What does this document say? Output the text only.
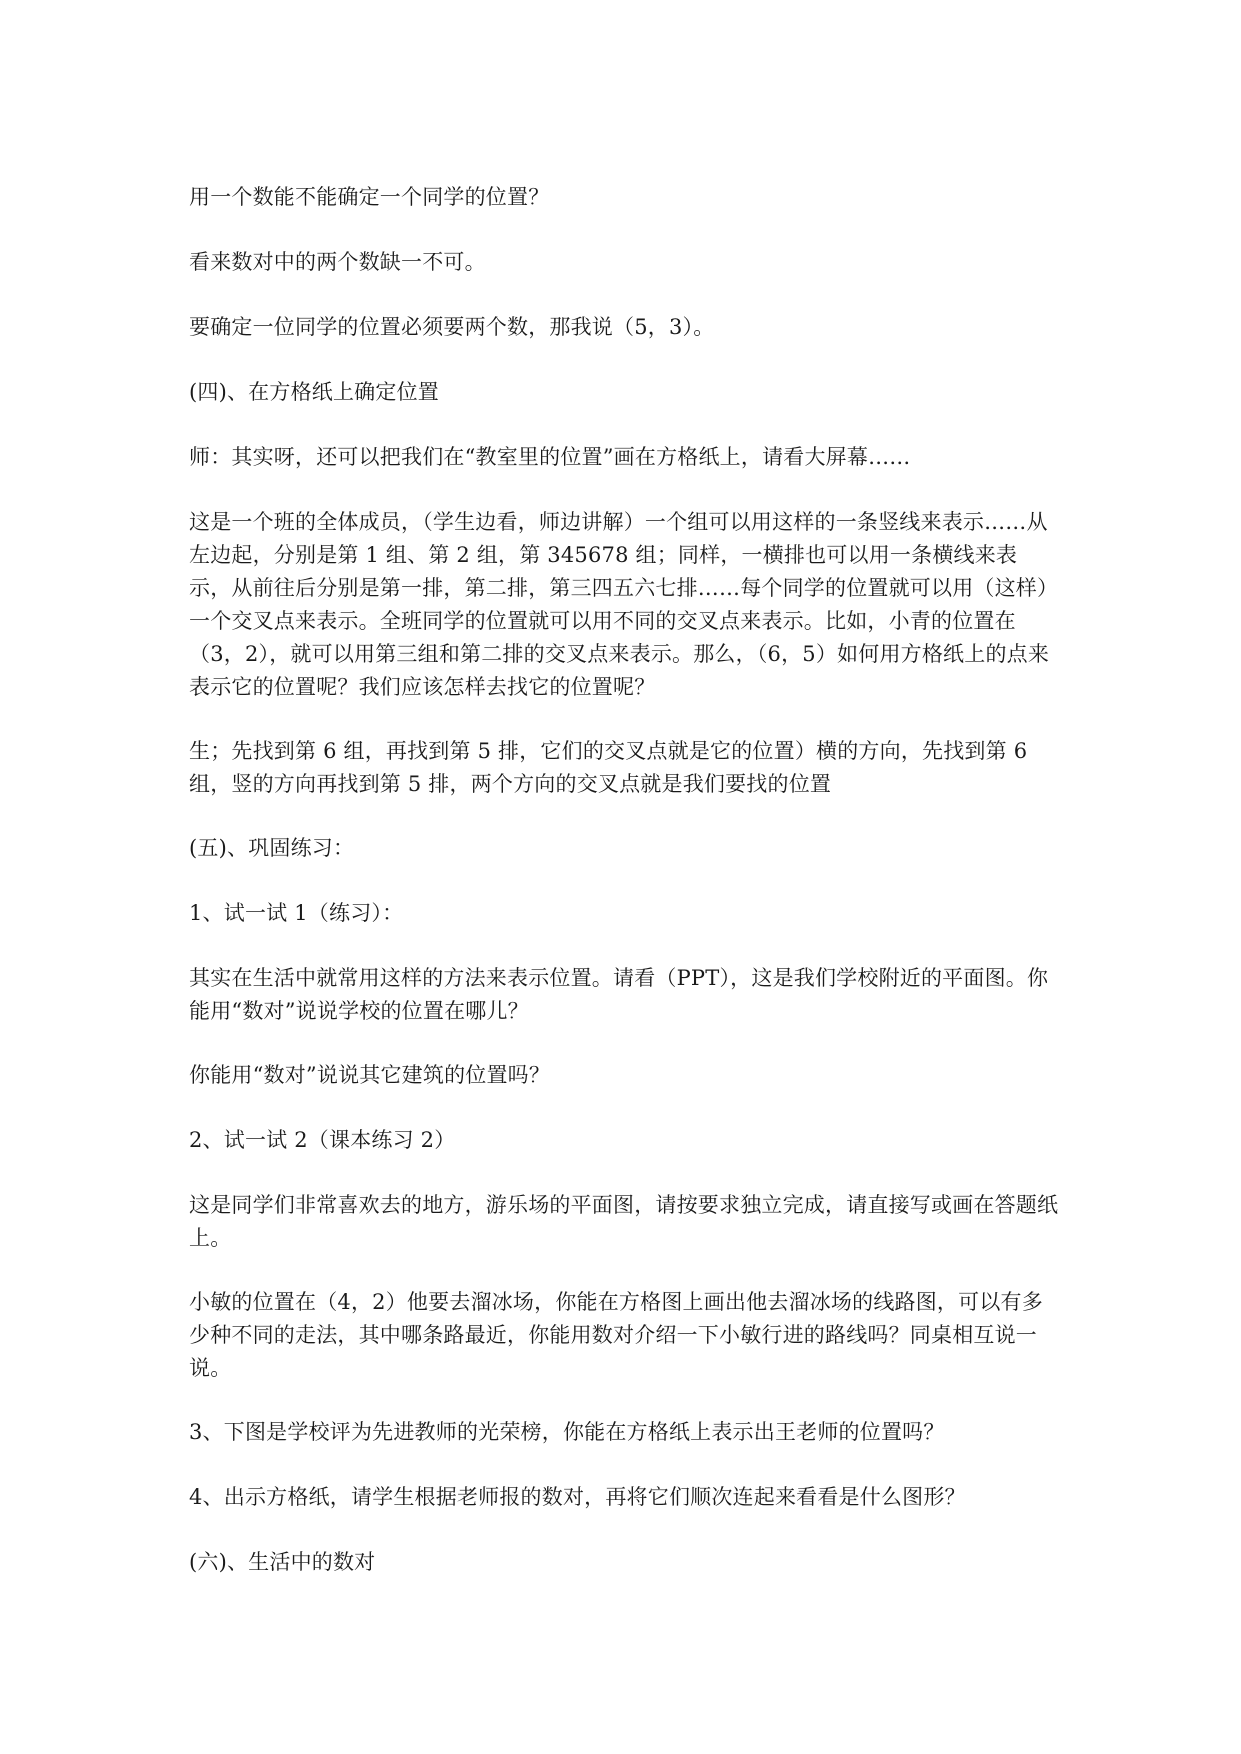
用一个数能不能确定一个同学的位置？

看来数对中的两个数缺一不可。

要确定一位同学的位置必须要两个数，那我说（5，3）。

(四)、在方格纸上确定位置

师：其实呀，还可以把我们在“教室里的位置”画在方格纸上，请看大屏幕……

这是一个班的全体成员，（学生边看，师边讲解）一个组可以用这样的一条竖线来表示……从左边起，分别是第 1 组、第 2 组，第 345678 组；同样，一横排也可以用一条横线来表示，从前往后分别是第一排，第二排，第三四五六七排……每个同学的位置就可以用（这样）一个交叉点来表示。全班同学的位置就可以用不同的交叉点来表示。比如，小青的位置在（3，2），就可以用第三组和第二排的交叉点来表示。那么，（6，5）如何用方格纸上的点来表示它的位置呢？我们应该怎样去找它的位置呢？

生；先找到第 6 组，再找到第 5 排，它们的交叉点就是它的位置）横的方向，先找到第 6 组，竖的方向再找到第 5 排，两个方向的交叉点就是我们要找的位置

(五)、巩固练习：

1、试一试 1（练习）：

其实在生活中就常用这样的方法来表示位置。请看（PPT），这是我们学校附近的平面图。你能用“数对”说说学校的位置在哪儿？

你能用“数对”说说其它建筑的位置吗？

2、试一试 2（课本练习 2）

这是同学们非常喜欢去的地方，游乐场的平面图，请按要求独立完成，请直接写或画在答题纸上。

小敏的位置在（4，2）他要去溜冰场，你能在方格图上画出他去溜冰场的线路图，可以有多少种不同的走法，其中哪条路最近，你能用数对介绍一下小敏行进的路线吗？同桌相互说一说。

3、下图是学校评为先进教师的光荣榜，你能在方格纸上表示出王老师的位置吗？

4、出示方格纸，请学生根据老师报的数对，再将它们顺次连起来看看是什么图形？

(六)、生活中的数对
